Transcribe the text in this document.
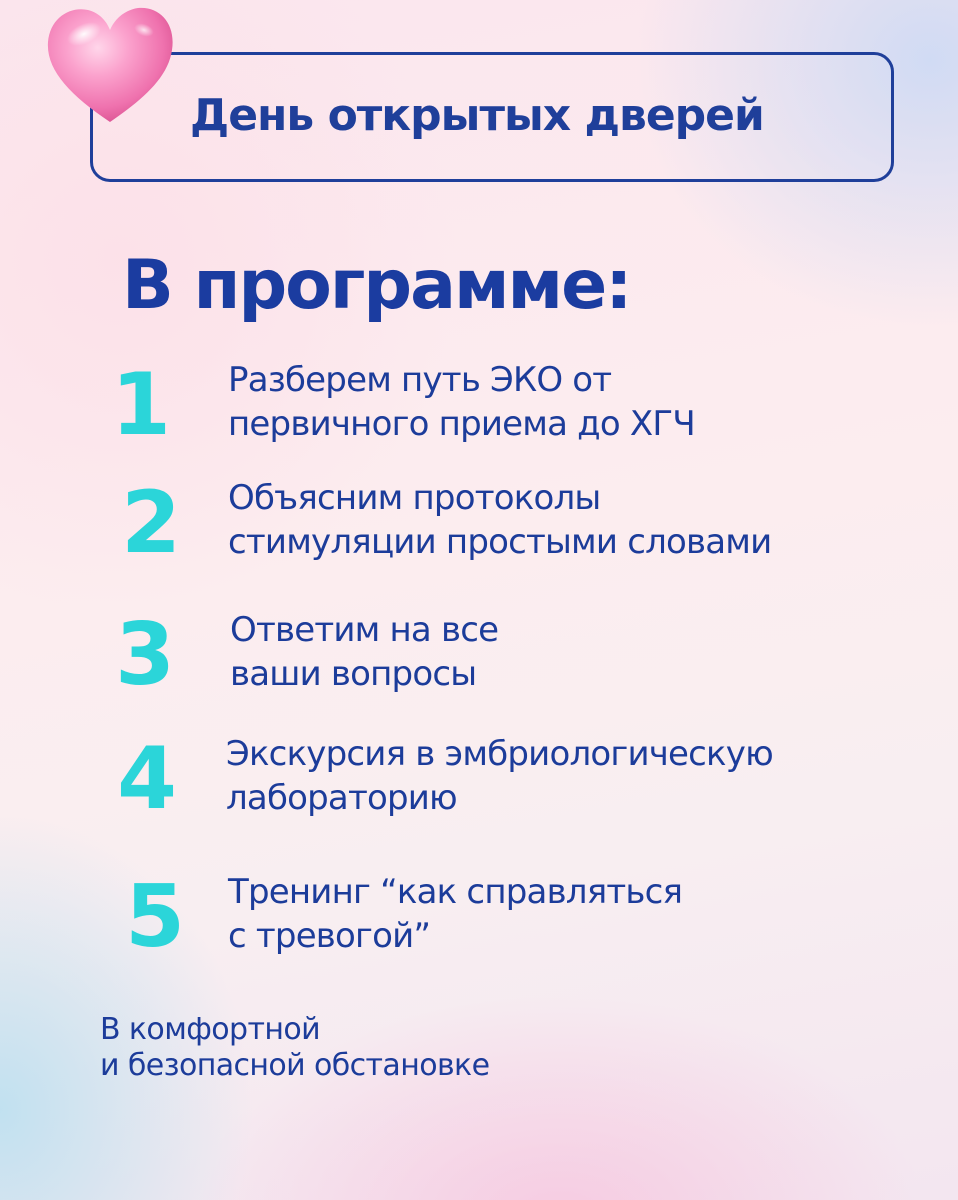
День открытых дверей
В программе:
1	Разберем путь ЭКО от
первичного приема до ХГЧ
2	Объясним протоколы
стимуляции простыми словами
3	Ответим на все
ваши вопросы
4	Экскурсия в эмбриологическую
лабораторию
5	Тренинг “как справляться
с тревогой”
В комфортной
и безопасной обстановке
